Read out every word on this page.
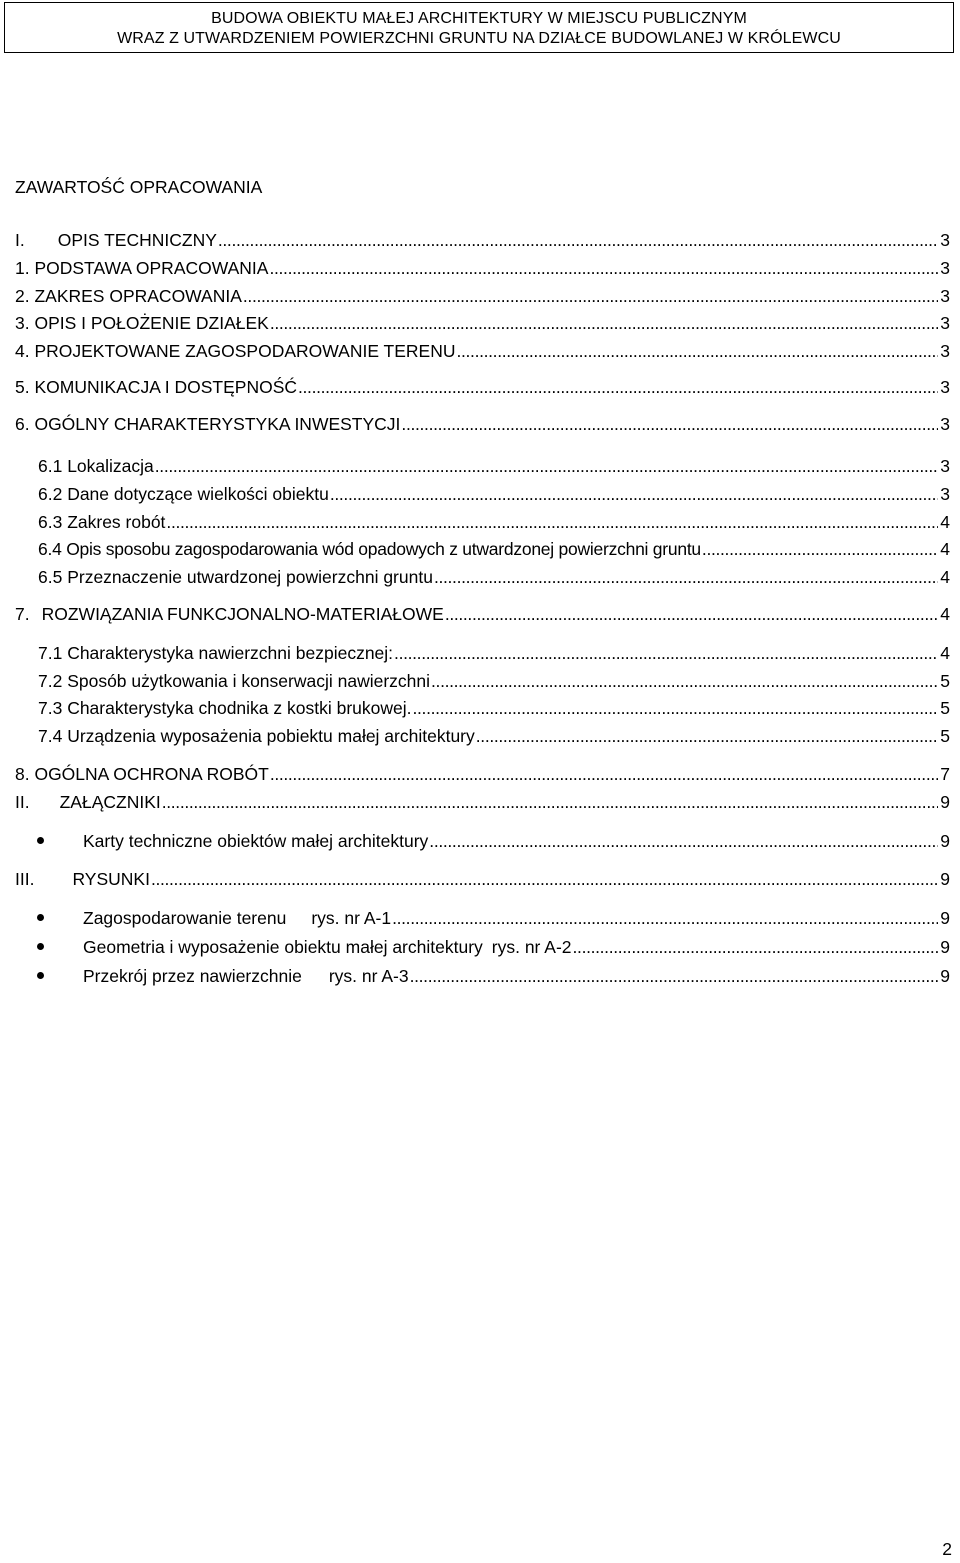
BUDOWA OBIEKTU MAŁEJ ARCHITEKTURY W MIEJSCU PUBLICZNYM
WRAZ Z UTWARDZENIEM POWIERZCHNI GRUNTU NA DZIAŁCE BUDOWLANEJ W KRÓLEWCU
ZAWARTOŚĆ OPRACOWANIA
I. OPIS TECHNICZNY . . .	3
1. PODSTAWA OPRACOWANIA . . .	3
2. ZAKRES OPRACOWANIA . . .	3
3. OPIS I POŁOŻENIE DZIAŁEK . . .	3
4. PROJEKTOWANE ZAGOSPODAROWANIE TERENU . . .	3
5. KOMUNIKACJA I DOSTĘPNOŚĆ . . .	3
6. OGÓLNY CHARAKTERYSTYKA INWESTYCJI . . .	3
6.1 Lokalizacja . . .	3
6.2 Dane dotyczące wielkości obiektu . . .	3
6.3 Zakres robót . . .	4
6.4 Opis sposobu zagospodarowania wód opadowych z utwardzonej powierzchni gruntu . . .	4
6.5 Przeznaczenie utwardzonej powierzchni gruntu . . .	4
7. ROZWIĄZANIA FUNKCJONALNO-MATERIAŁOWE . . .	4
7.1 Charakterystyka nawierzchni bezpiecznej: . . .	4
7.2 Sposób użytkowania i konserwacji nawierzchni . . .	5
7.3 Charakterystyka chodnika z kostki brukowej. . . .	5
7.4 Urządzenia wyposażenia pobiektu małej architektury . . .	5
8. OGÓLNA OCHRONA ROBÓT . . .	7
II. ZAŁĄCZNIKI . . .	9
Karty techniczne obiektów małej architektury . . .	9
III. RYSUNKI . . .	9
Zagospodarowanie terenu rys. nr A-1 . . .	9
Geometria i wyposażenie obiektu małej architektury rys. nr A-2 . . .	9
Przekrój przez nawierzchnie rys. nr A-3 . . .	9
2
